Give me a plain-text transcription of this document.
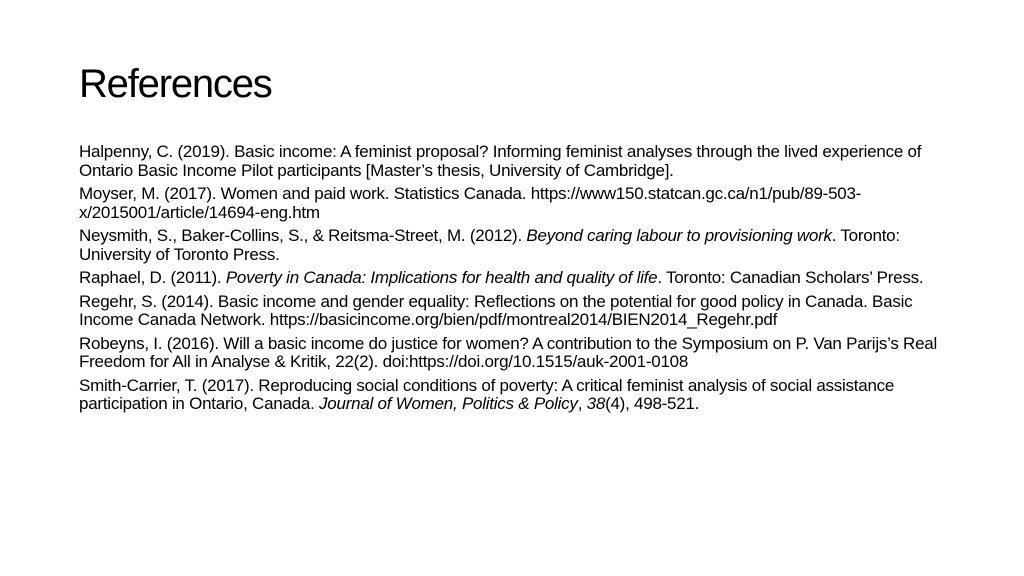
References
Halpenny, C. (2019). Basic income: A feminist proposal? Informing feminist analyses through the lived experience of Ontario Basic Income Pilot participants [Master’s thesis, University of Cambridge].
Moyser, M. (2017). Women and paid work. Statistics Canada. https://www150.statcan.gc.ca/n1/pub/89-503-x/2015001/article/14694-eng.htm
Neysmith, S., Baker-Collins, S., & Reitsma-Street, M. (2012). Beyond caring labour to provisioning work. Toronto: University of Toronto Press.
Raphael, D. (2011). Poverty in Canada: Implications for health and quality of life. Toronto: Canadian Scholars’ Press.
Regehr, S. (2014). Basic income and gender equality: Reflections on the potential for good policy in Canada. Basic Income Canada Network. https://basicincome.org/bien/pdf/montreal2014/BIEN2014_Regehr.pdf
Robeyns, I. (2016). Will a basic income do justice for women? A contribution to the Symposium on P. Van Parijs’s Real Freedom for All in Analyse & Kritik, 22(2). doi:https://doi.org/10.1515/auk-2001-0108
Smith-Carrier, T. (2017). Reproducing social conditions of poverty: A critical feminist analysis of social assistance participation in Ontario, Canada. Journal of Women, Politics & Policy, 38(4), 498-521.
